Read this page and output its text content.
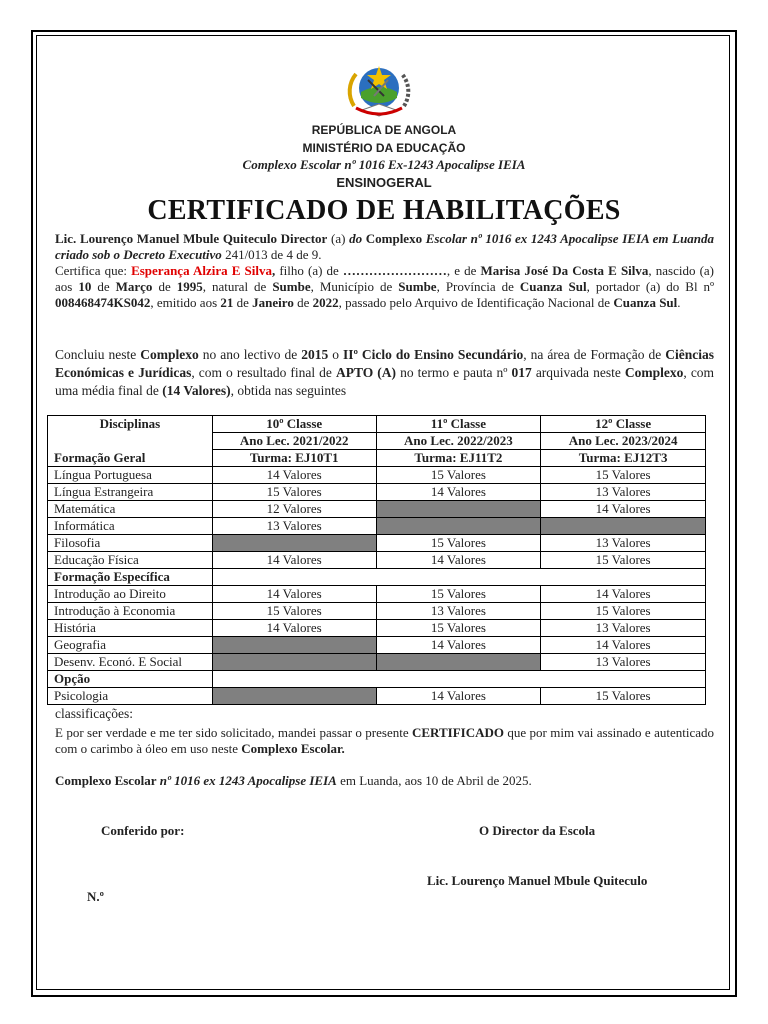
REPÚBLICA DE ANGOLA
MINISTÉRIO DA EDUCAÇÃO
Complexo Escolar nº 1016 Ex-1243 Apocalipse IEIA
ENSINOGERAL
CERTIFICADO DE HABILITAÇÕES
Lic. Lourenço Manuel Mbule Quiteculo Director (a) do Complexo Escolar nº 1016 ex 1243 Apocalipse IEIA em Luanda criado sob o Decreto Executivo 241/013 de 4 de 9.
Certifica que: Esperança Alzira E Silva, filho (a) de ……………………, e de Marisa José Da Costa E Silva, nascido (a) aos 10 de Março de 1995, natural de Sumbe, Município de Sumbe, Província de Cuanza Sul, portador (a) do Bl nº 008468474KS042, emitido aos 21 de Janeiro de 2022, passado pelo Arquivo de Identificação Nacional de Cuanza Sul.
Concluiu neste Complexo no ano lectivo de 2015 o IIº Ciclo do Ensino Secundário, na área de Formação de Ciências Económicas e Jurídicas, com o resultado final de APTO (A) no termo e pauta nº 017 arquivada neste Complexo, com uma média final de (14 Valores), obtida nas seguintes
Disciplinas	10º Classe	11º Classe	12º Classe
	Ano Lec. 2021/2022	Ano Lec. 2022/2023	Ano Lec. 2023/2024
Formação Geral	Turma: EJ10T1	Turma: EJ11T2	Turma: EJ12T3
Língua Portuguesa	14 Valores	15 Valores	15 Valores
Língua Estrangeira	15 Valores	14 Valores	13 Valores
Matemática	12 Valores		14 Valores
Informática	13 Valores		
Filosofia		15 Valores	13 Valores
Educação Física	14 Valores	14 Valores	15 Valores
Formação Específica			
Introdução ao Direito	14 Valores	15 Valores	14 Valores
Introdução à Economia	15 Valores	13 Valores	15 Valores
História	14 Valores	15 Valores	13 Valores
Geografia		14 Valores	14 Valores
Desenv. Econó. E Social			13 Valores
Opção			
Psicologia		14 Valores	15 Valores
classificações:
E por ser verdade e me ter sido solicitado, mandei passar o presente CERTIFICADO que por mim vai assinado e autenticado com o carimbo à óleo em uso neste Complexo Escolar.
Complexo Escolar nº 1016 ex 1243 Apocalipse IEIA em Luanda, aos 10 de Abril de 2025.
Conferido por:	O Director da Escola
Lic. Lourenço Manuel Mbule Quiteculo
N.º
